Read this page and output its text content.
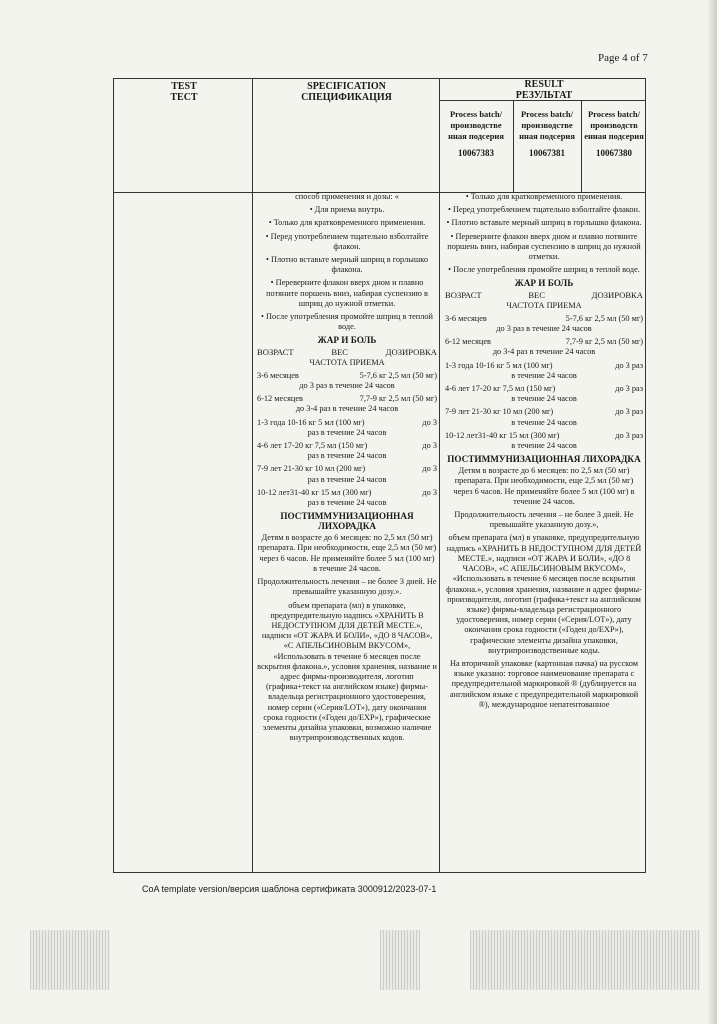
Page 4 of 7
TEST
ТЕСТ
SPECIFICATION
СПЕЦИФИКАЦИЯ
RESULT
РЕЗУЛЬТАТ
Process batch/ производстве нная подсерия
10067383
Process batch/ производстве нная подсерия
10067381
Process batch/ производств енная подсерия
10067380

способ применения и дозы: «

• Для приема внутрь.

• Только для кратковременного применения.

• Перед употреблением тщательно взболтайте флакон.

• Плотно вставьте мерный шприц в горлышко флакона.

• Переверните флакон вверх дном и плавно потяните поршень вниз, набирая суспензию в шприц до нужной отметки.

• После употребления промойте шприц в теплой воде.

ЖАР И БОЛЬ
ВОЗРАСТ	ВЕС	ДОЗИРОВКА

ЧАСТОТА ПРИЕМА

3-6 месяцев	5-7,6 кг 2,5 мл (50 мг)

до 3 раз в течение 24 часов

6-12 месяцев	7,7-9 кг 2,5 мл (50 мг)

до 3-4 раз в течение 24 часов

1-3 года 10-16 кг 5 мл (100 мг)	до 3

раз в течение 24 часов

4-6 лет 17-20 кг 7,5 мл (150 мг)	до 3

раз в течение 24 часов

7-9 лет 21-30 кг 10 мл (200 мг)	до 3

раз в течение 24 часов

10-12 лет31-40 кг 15 мл (300 мг)	до 3

раз в течение 24 часов

ПОСТИММУНИЗАЦИОННАЯ ЛИХОРАДКА

Детям в возрасте до 6 месяцев: по 2,5 мл (50 мг) препарата. При необходимости, еще 2,5 мл (50 мг) через 6 часов. Не применяйте более 5 мл (100 мг) в течение 24 часов.

Продолжительность лечения – не более 3 дней. Не превышайте указанную дозу.».

объем препарата (мл) в упаковке, предупредительную надпись «ХРАНИТЬ В НЕДОСТУПНОМ ДЛЯ ДЕТЕЙ МЕСТЕ.», надписи «ОТ ЖАРА И БОЛИ», «ДО 8 ЧАСОВ», «С АПЕЛЬСИНОВЫМ ВКУСОМ», «Использовать в течение 6 месяцев после вскрытия флакона.», условия хранения, название и адрес фирмы-производителя, логотип (графика+текст на английском языке) фирмы-владельца регистрационного удостоверения, номер серии («Серия/LOT»), дату окончания срока годности («Годен до/EXP»), графические элементы дизайна упаковки, возможно наличие внутрипроизводственных кодов.

• Только для кратковременного применения.

• Перед употреблением тщательно взболтайте флакон.

• Плотно вставьте мерный шприц в горлышко флакона.

• Переверните флакон вверх дном и плавно потяните поршень вниз, набирая суспензию в шприц до нужной отметки.

• После употребления промойте шприц в теплой воде.

ЖАР И БОЛЬ
ВОЗРАСТ	ВЕС	ДОЗИРОВКА

ЧАСТОТА ПРИЕМА

3-6 месяцев	5-7,6 кг 2,5 мл (50 мг)

до 3 раз в течение 24 часов

6-12 месяцев	7,7-9 кг 2,5 мл (50 мг)

до 3-4 раз в течение 24 часов

1-3 года 10-16 кг 5 мл (100 мг)	до 3 раз

в течение 24 часов

4-6 лет 17-20 кг 7,5 мл (150 мг)	до 3 раз

в течение 24 часов

7-9 лет 21-30 кг 10 мл (200 мг)	до 3 раз

в течение 24 часов

10-12 лет31-40 кг 15 мл (300 мг)	до 3 раз

в течение 24 часов

ПОСТИММУНИЗАЦИОННАЯ ЛИХОРАДКА

Детям в возрасте до 6 месяцев: по 2,5 мл (50 мг) препарата. При необходимости, еще 2,5 мл (50 мг) через 6 часов. Не применяйте более 5 мл (100 мг) в течение 24 часов.

Продолжительность лечения – не более 3 дней. Не превышайте указанную дозу.»,

объем препарата (мл) в упаковке, предупредительную надпись «ХРАНИТЬ В НЕДОСТУПНОМ ДЛЯ ДЕТЕЙ МЕСТЕ.», надписи «ОТ ЖАРА И БОЛИ», «ДО 8 ЧАСОВ», «С АПЕЛЬСИНОВЫМ ВКУСОМ», «Использовать в течение 6 месяцев после вскрытия флакона.», условия хранения, название и адрес фирмы-производителя, логотип (графика+текст на английском языке) фирмы-владельца регистрационного удостоверения, номер серии («Серия/LOT»), дату окончания срока годности («Годен до/EXP»), графические элементы дизайна упаковки, внутрипроизводственные коды.

На вторичной упаковке (картонная пачка) на русском языке указано: торговое наименование препарата с предупредительной маркировкой ® (дублируется на английском языке с предупредительной маркировкой ®), международное непатентованное

CoA template version/версия шаблона сертификата 3000912/2023-07-1
